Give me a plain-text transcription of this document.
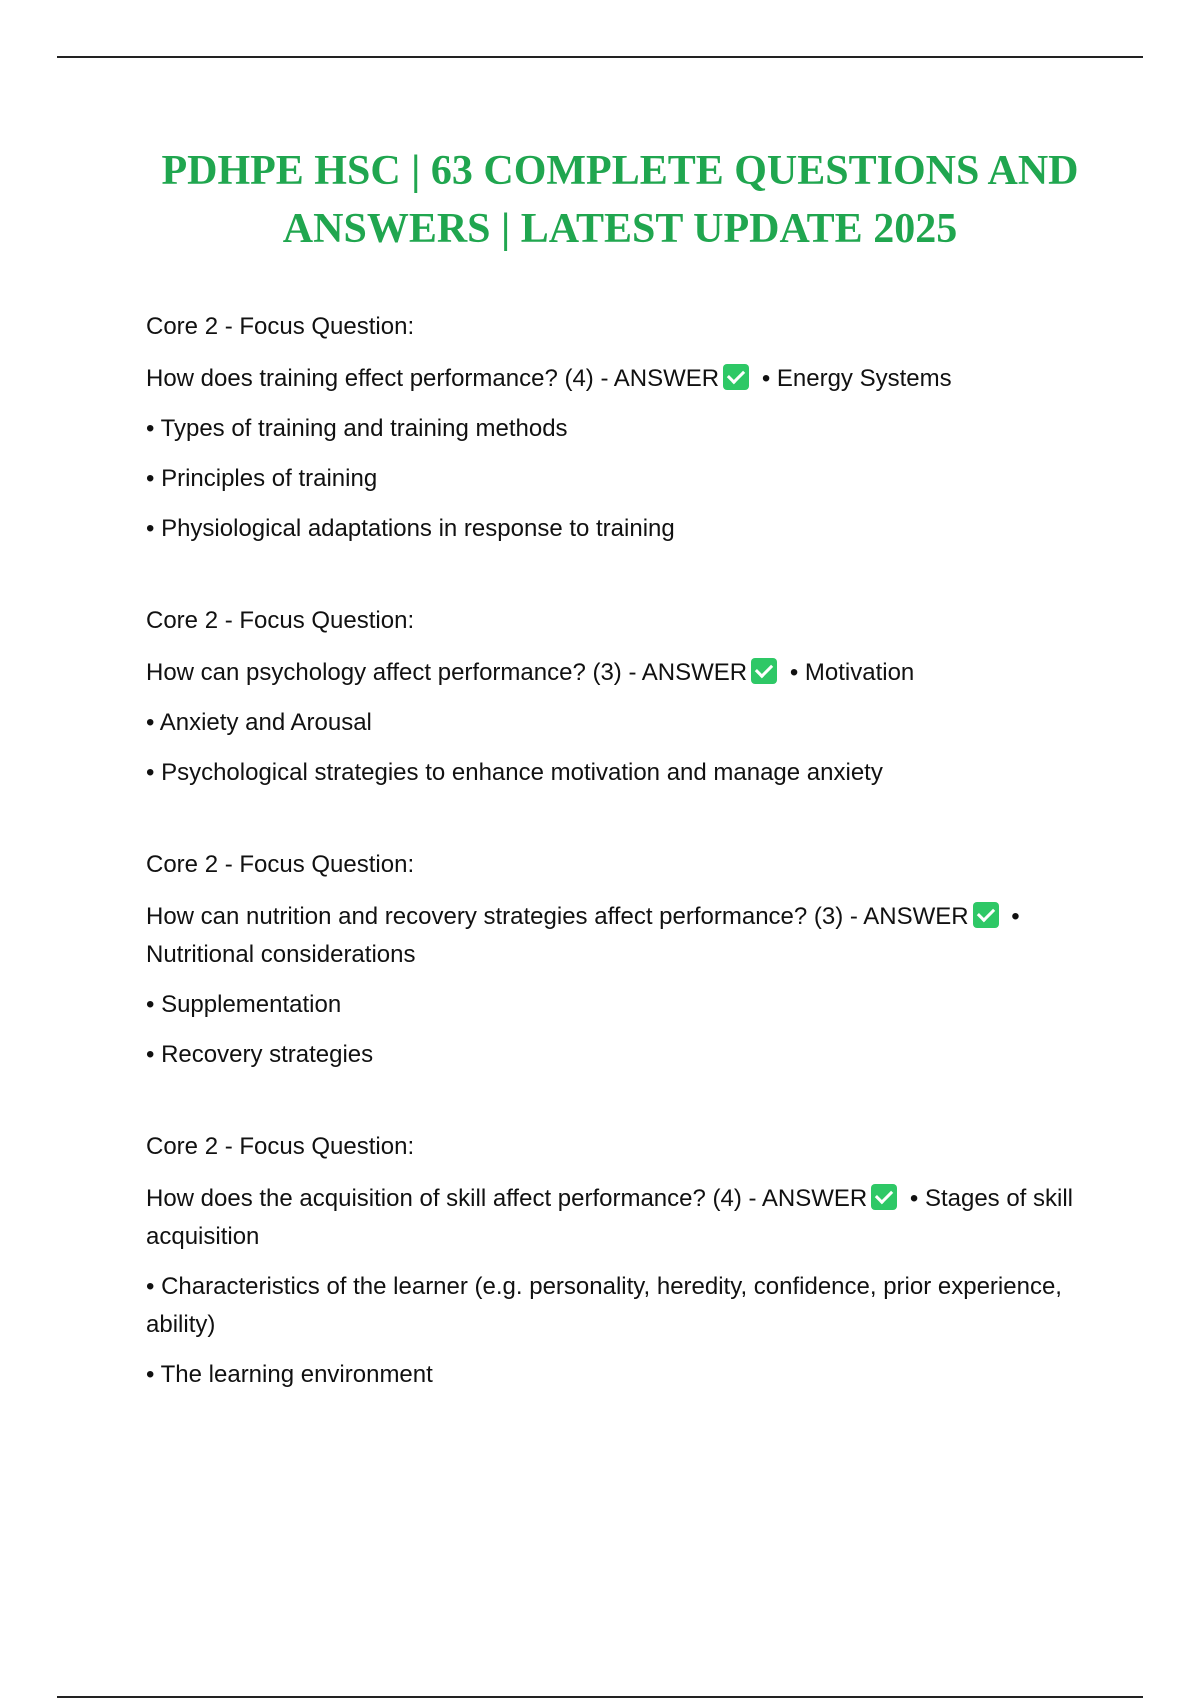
PDHPE HSC | 63 COMPLETE QUESTIONS AND ANSWERS | LATEST UPDATE 2025

Core 2 - Focus Question:

How does training effect performance? (4) - ANSWER • Energy Systems

• Types of training and training methods

• Principles of training

• Physiological adaptations in response to training

Core 2 - Focus Question:

How can psychology affect performance? (3) - ANSWER • Motivation

• Anxiety and Arousal

• Psychological strategies to enhance motivation and manage anxiety

Core 2 - Focus Question:

How can nutrition and recovery strategies affect performance? (3) - ANSWER • Nutritional considerations

• Supplementation

• Recovery strategies

Core 2 - Focus Question:

How does the acquisition of skill affect performance? (4) - ANSWER • Stages of skill acquisition

• Characteristics of the learner (e.g. personality, heredity, confidence, prior experience, ability)

• The learning environment
